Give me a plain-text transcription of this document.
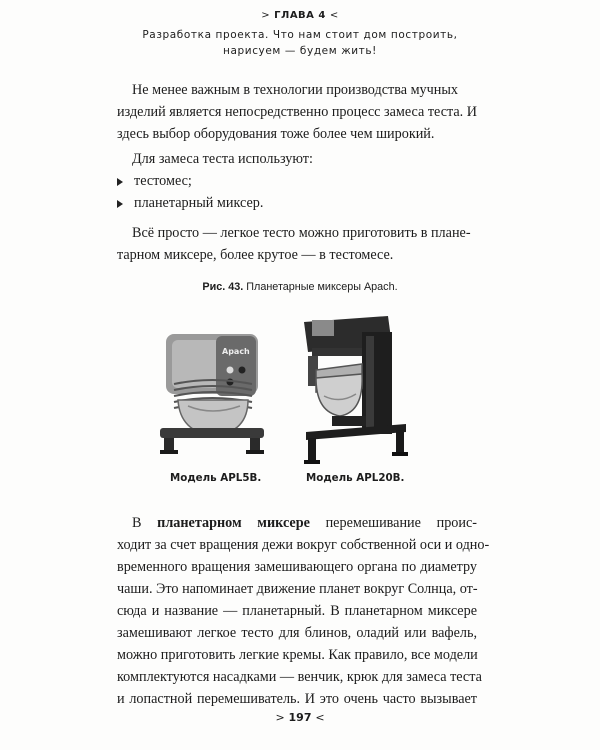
> ГЛАВА 4 <
Разработка проекта. Что нам стоит дом построить,
нарисуем — будем жить!
Не менее важным в технологии производства мучных
изделий является непосредственно процесс замеса теста. И
здесь выбор оборудования тоже более чем широкий.
Для замеса теста используют:
тестомес;
планетарный миксер.
Всё просто — легкое тесто можно приготовить в плане-
тарном миксере, более крутое — в тестомесе.
Рис. 43. Планетарные миксеры Apach.
Apach
Модель APL5B.	Модель APL20B.
В планетарном миксере перемешивание проис-
ходит за счет вращения дежи вокруг собственной оси и одно-
временного вращения замешивающего органа по диаметру
чаши. Это напоминает движение планет вокруг Солнца, от-
сюда и название — планетарный. В планетарном миксере
замешивают легкое тесто для блинов, оладий или вафель,
можно приготовить легкие кремы. Как правило, все модели
комплектуются насадками — венчик, крюк для замеса теста
и лопастной перемешиватель. И это очень часто вызывает
> 197 <
